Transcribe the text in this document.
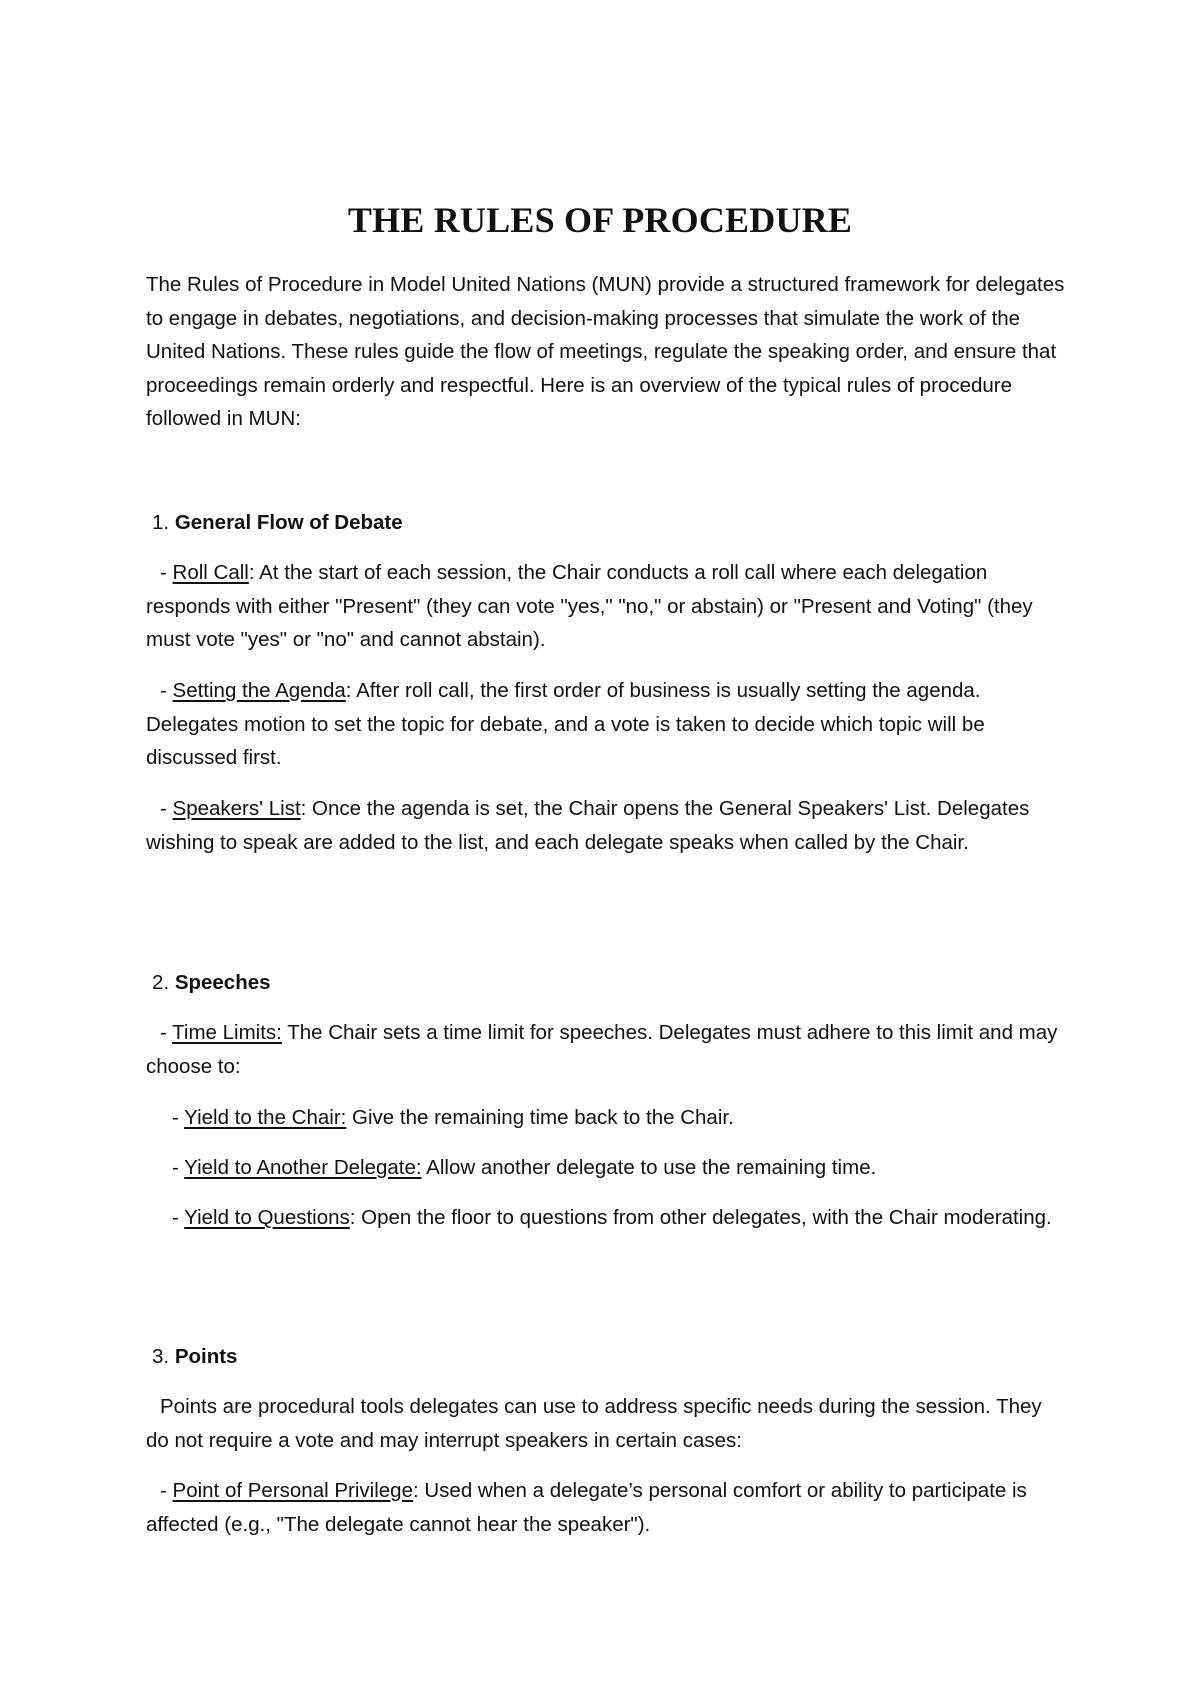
THE RULES OF PROCEDURE

The Rules of Procedure in Model United Nations (MUN) provide a structured framework for delegates to engage in debates, negotiations, and decision-making processes that simulate the work of the United Nations. These rules guide the flow of meetings, regulate the speaking order, and ensure that proceedings remain orderly and respectful. Here is an overview of the typical rules of procedure followed in MUN:

1. General Flow of Debate

- Roll Call: At the start of each session, the Chair conducts a roll call where each delegation responds with either "Present" (they can vote "yes," "no," or abstain) or "Present and Voting" (they must vote "yes" or "no" and cannot abstain).

- Setting the Agenda: After roll call, the first order of business is usually setting the agenda. Delegates motion to set the topic for debate, and a vote is taken to decide which topic will be discussed first.

- Speakers' List: Once the agenda is set, the Chair opens the General Speakers' List. Delegates wishing to speak are added to the list, and each delegate speaks when called by the Chair.

2. Speeches

- Time Limits: The Chair sets a time limit for speeches. Delegates must adhere to this limit and may choose to:

- Yield to the Chair: Give the remaining time back to the Chair.

- Yield to Another Delegate: Allow another delegate to use the remaining time.

- Yield to Questions: Open the floor to questions from other delegates, with the Chair moderating.

3. Points

Points are procedural tools delegates can use to address specific needs during the session. They do not require a vote and may interrupt speakers in certain cases:

- Point of Personal Privilege: Used when a delegate’s personal comfort or ability to participate is affected (e.g., "The delegate cannot hear the speaker").
